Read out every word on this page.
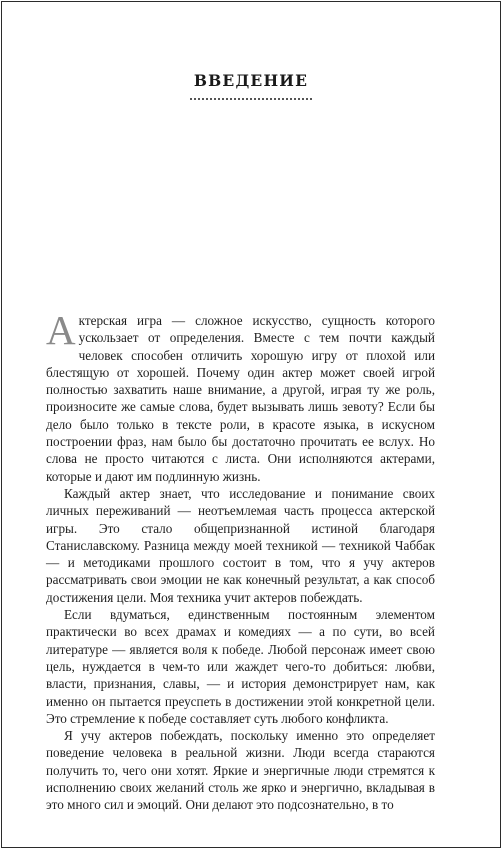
ВВЕДЕНИЕ

Актерская игра — сложное искусство, сущность которого ускользает от определения. Вместе с тем почти каждый человек способен отличить хорошую игру от плохой или блестящую от хорошей. Почему один актер может своей игрой полностью захватить наше внимание, а другой, играя ту же роль, произносите же самые слова, будет вызывать лишь зевоту? Если бы дело было только в тексте роли, в красоте языка, в искусном построении фраз, нам было бы достаточно прочитать ее вслух. Но слова не просто читаются с листа. Они исполняются актерами, которые и дают им подлинную жизнь.

Каждый актер знает, что исследование и понимание своих личных переживаний — неотъемлемая часть процесса актерской игры. Это стало общепризнанной истиной благодаря Станиславскому. Разница между моей техникой — техникой Чаббак — и методиками прошлого состоит в том, что я учу актеров рассматривать свои эмоции не как конечный результат, а как способ достижения цели. Моя техника учит актеров побеждать.

Если вдуматься, единственным постоянным элементом практически во всех драмах и комедиях — а по сути, во всей литературе — является воля к победе. Любой персонаж имеет свою цель, нуждается в чем-то или жаждет чего-то добиться: любви, власти, признания, славы, — и история демонстрирует нам, как именно он пытается преуспеть в достижении этой конкретной цели. Это стремление к победе составляет суть любого конфликта.

Я учу актеров побеждать, поскольку именно это определяет поведение человека в реальной жизни. Люди всегда стараются получить то, чего они хотят. Яркие и энергичные люди стремятся к исполнению своих желаний столь же ярко и энергично, вкладывая в это много сил и эмоций. Они делают это подсознательно, в то
